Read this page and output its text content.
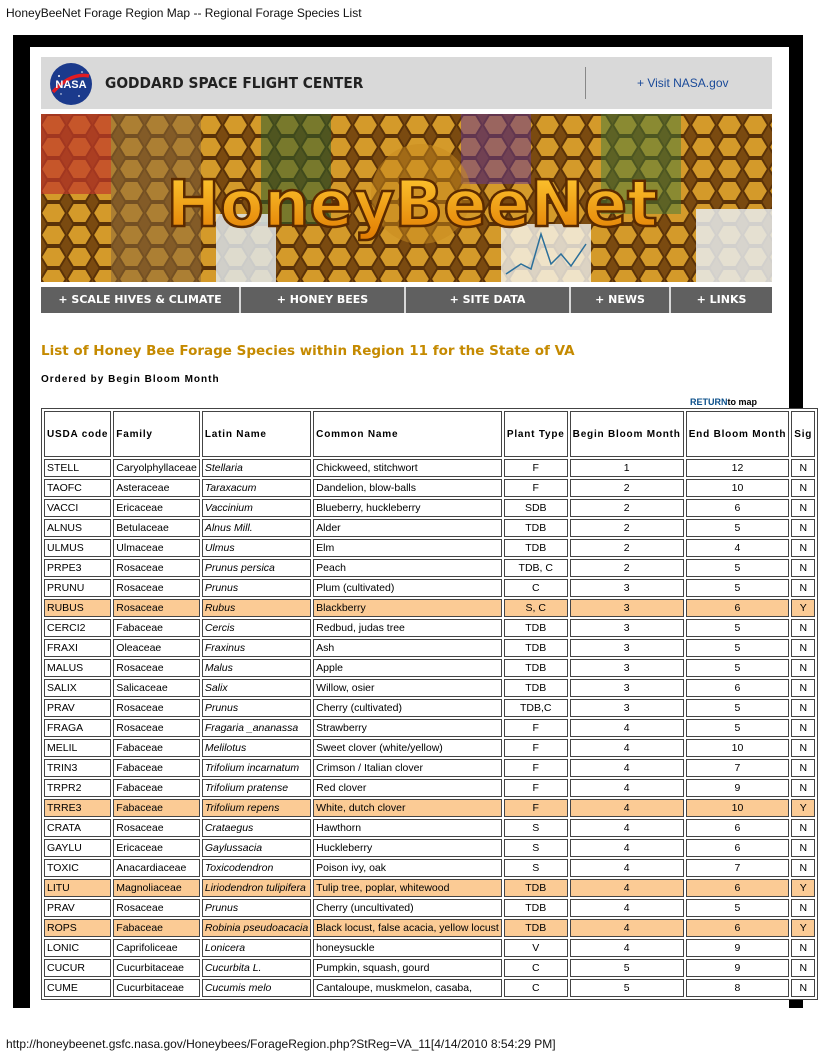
HoneyBeeNet Forage Region Map -- Regional Forage Species List
NASA GODDARD SPACE FLIGHT CENTER	+ Visit NASA.gov
HoneyBeeNet
+ SCALE HIVES & CLIMATE	+ HONEY BEES	+ SITE DATA	+ NEWS	+ LINKS
List of Honey Bee Forage Species within Region 11 for the State of VA
Ordered by Begin Bloom Month
RETURNto map
USDA code	Family	Latin Name	Common Name	Plant Type	Begin Bloom Month	End Bloom Month	Sig
STELL	Caryolphyllaceae	Stellaria	Chickweed, stitchwort	F	1	12	N
TAOFC	Asteraceae	Taraxacum	Dandelion, blow-balls	F	2	10	N
VACCI	Ericaceae	Vaccinium	Blueberry, huckleberry	SDB	2	6	N
ALNUS	Betulaceae	Alnus Mill.	Alder	TDB	2	5	N
ULMUS	Ulmaceae	Ulmus	Elm	TDB	2	4	N
PRPE3	Rosaceae	Prunus persica	Peach	TDB, C	2	5	N
PRUNU	Rosaceae	Prunus	Plum (cultivated)	C	3	5	N
RUBUS	Rosaceae	Rubus	Blackberry	S, C	3	6	Y
CERCI2	Fabaceae	Cercis	Redbud, judas tree	TDB	3	5	N
FRAXI	Oleaceae	Fraxinus	Ash	TDB	3	5	N
MALUS	Rosaceae	Malus	Apple	TDB	3	5	N
SALIX	Salicaceae	Salix	Willow, osier	TDB	3	6	N
PRAV	Rosaceae	Prunus	Cherry (cultivated)	TDB,C	3	5	N
FRAGA	Rosaceae	Fragaria _ananassa	Strawberry	F	4	5	N
MELIL	Fabaceae	Melilotus	Sweet clover (white/yellow)	F	4	10	N
TRIN3	Fabaceae	Trifolium incarnatum	Crimson / Italian clover	F	4	7	N
TRPR2	Fabaceae	Trifolium pratense	Red clover	F	4	9	N
TRRE3	Fabaceae	Trifolium repens	White, dutch clover	F	4	10	Y
CRATA	Rosaceae	Crataegus	Hawthorn	S	4	6	N
GAYLU	Ericaceae	Gaylussacia	Huckleberry	S	4	6	N
TOXIC	Anacardiaceae	Toxicodendron	Poison ivy, oak	S	4	7	N
LITU	Magnoliaceae	Liriodendron tulipifera	Tulip tree, poplar, whitewood	TDB	4	6	Y
PRAV	Rosaceae	Prunus	Cherry (uncultivated)	TDB	4	5	N
ROPS	Fabaceae	Robinia pseudoacacia	Black locust, false acacia, yellow locust	TDB	4	6	Y
LONIC	Caprifoliceae	Lonicera	honeysuckle	V	4	9	N
CUCUR	Cucurbitaceae	Cucurbita L.	Pumpkin, squash, gourd	C	5	9	N
CUME	Cucurbitaceae	Cucumis melo	Cantaloupe, muskmelon, casaba,	C	5	8	N
http://honeybeenet.gsfc.nasa.gov/Honeybees/ForageRegion.php?StReg=VA_11[4/14/2010 8:54:29 PM]
